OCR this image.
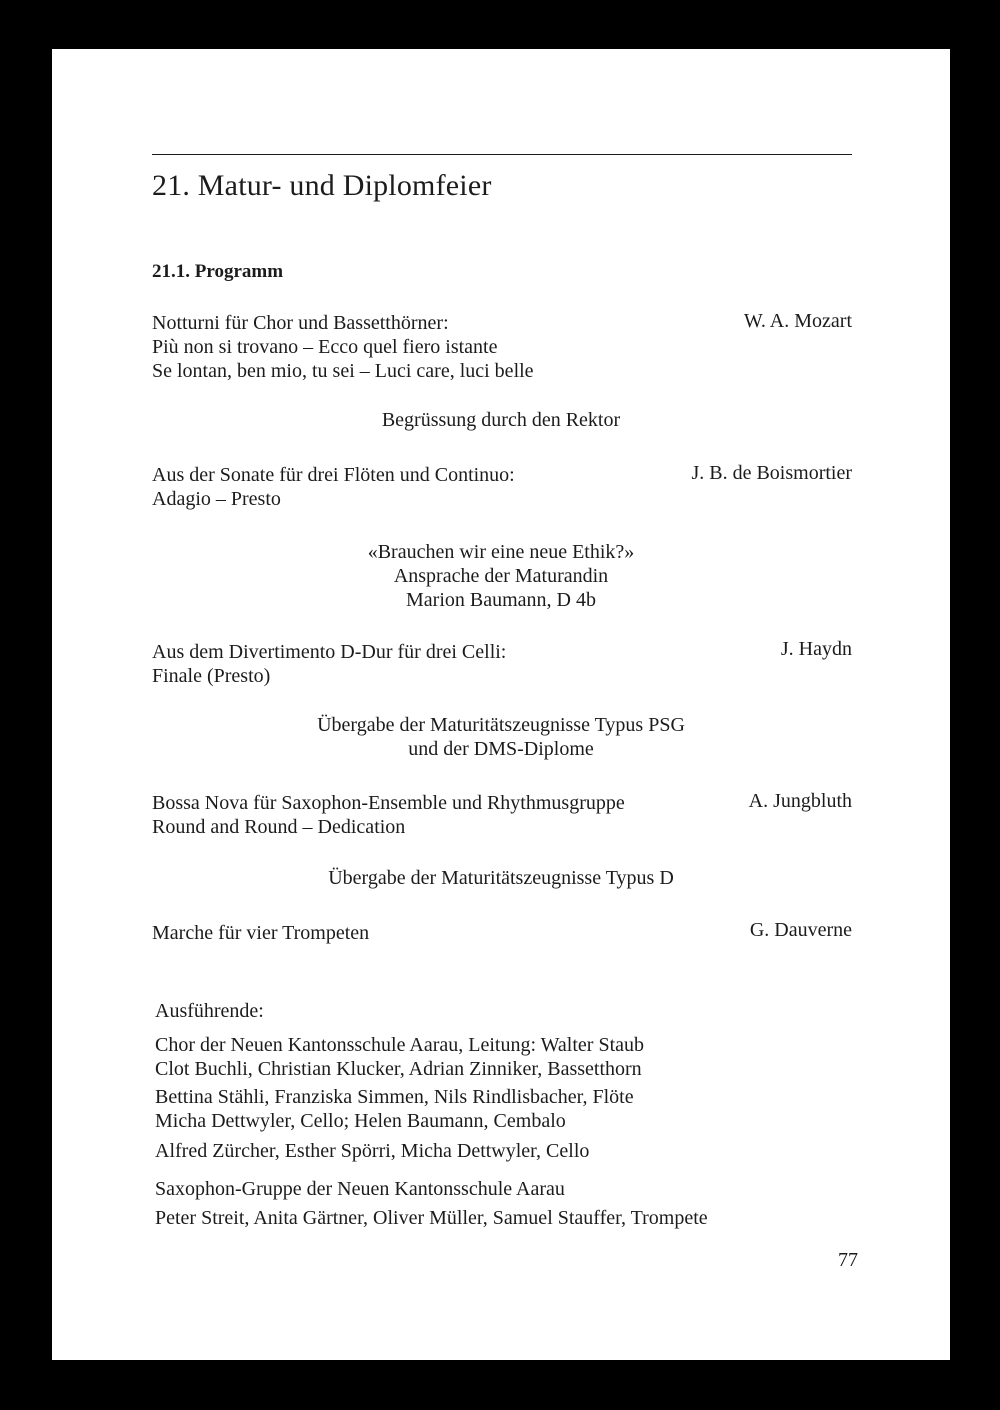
21. Matur- und Diplomfeier
21.1. Programm
Notturni für Chor und Bassetthörner:
Più non si trovano – Ecco quel fiero istante
Se lontan, ben mio, tu sei – Luci care, luci belle
W. A. Mozart
Begrüssung durch den Rektor
Aus der Sonate für drei Flöten und Continuo:
Adagio – Presto
J. B. de Boismortier
«Brauchen wir eine neue Ethik?»
Ansprache der Maturandin
Marion Baumann, D 4b
Aus dem Divertimento D-Dur für drei Celli:
Finale (Presto)
J. Haydn
Übergabe der Maturitätszeugnisse Typus PSG
und der DMS-Diplome
Bossa Nova für Saxophon-Ensemble und Rhythmusgruppe
Round and Round – Dedication
A. Jungbluth
Übergabe der Maturitätszeugnisse Typus D
Marche für vier Trompeten	G. Dauverne
Ausführende:
Chor der Neuen Kantonsschule Aarau, Leitung: Walter Staub
Clot Buchli, Christian Klucker, Adrian Zinniker, Bassetthorn
Bettina Stähli, Franziska Simmen, Nils Rindlisbacher, Flöte
Micha Dettwyler, Cello; Helen Baumann, Cembalo
Alfred Zürcher, Esther Spörri, Micha Dettwyler, Cello
Saxophon-Gruppe der Neuen Kantonsschule Aarau
Peter Streit, Anita Gärtner, Oliver Müller, Samuel Stauffer, Trompete
77
